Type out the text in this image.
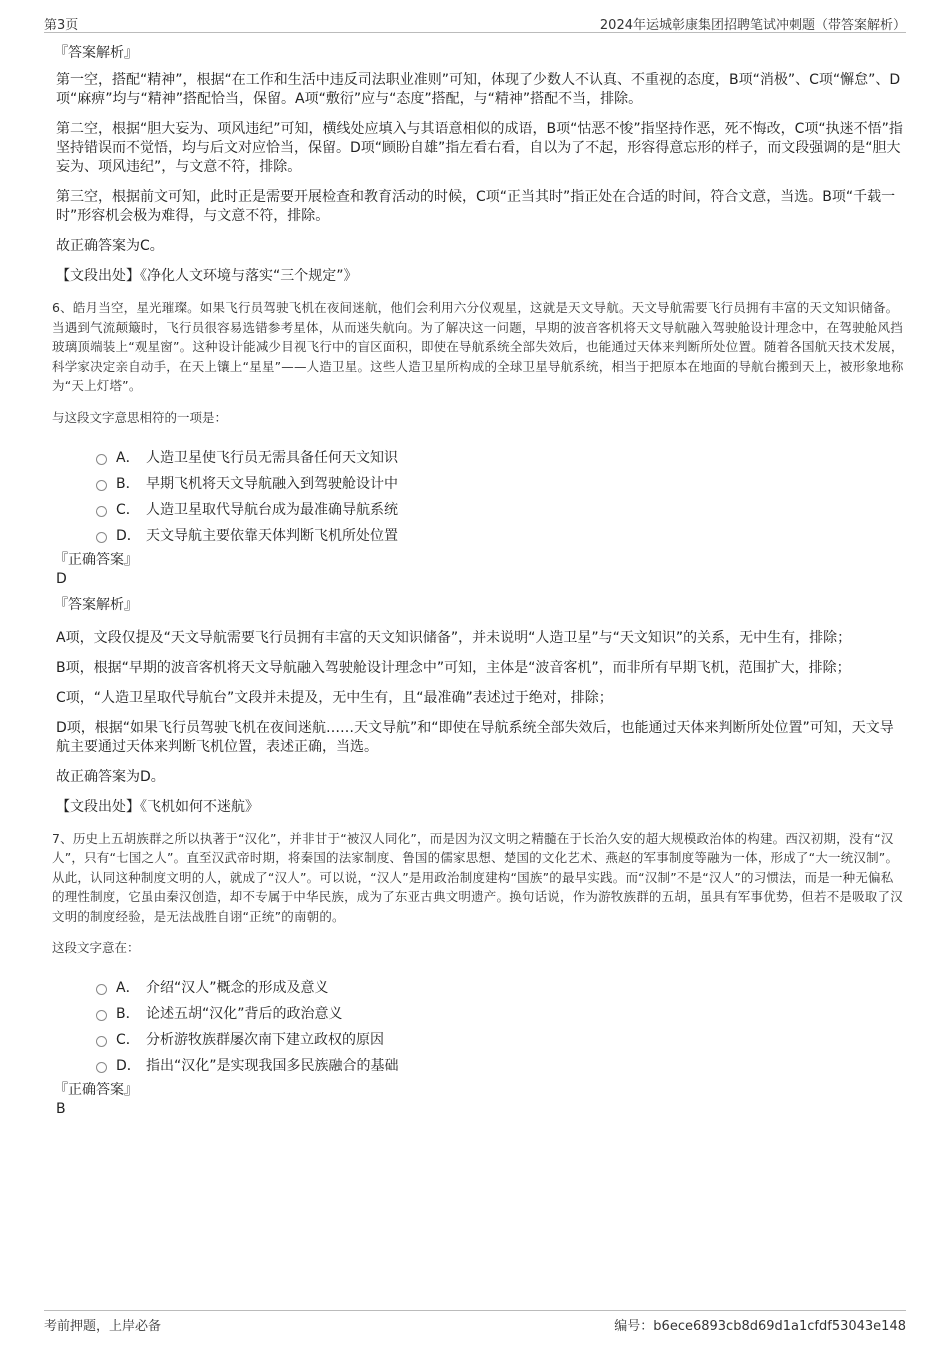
第3页	2024年运城彰康集团招聘笔试冲刺题（带答案解析）
『答案解析』

第一空，搭配“精神”，根据“在工作和生活中违反司法职业准则”可知，体现了少数人不认真、不重视的态度，B项“消极”、C项“懈怠”、D项“麻痹”均与“精神”搭配恰当，保留。A项“敷衍”应与“态度”搭配，与“精神”搭配不当，排除。

第二空，根据“胆大妄为、项风违纪”可知，横线处应填入与其语意相似的成语，B项“怙恶不悛”指坚持作恶，死不悔改，C项“执迷不悟”指坚持错误而不觉悟，均与后文对应恰当，保留。D项“顾盼自雄”指左看右看，自以为了不起，形容得意忘形的样子，而文段强调的是“胆大妄为、项风违纪”，与文意不符，排除。

第三空，根据前文可知，此时正是需要开展检查和教育活动的时候，C项“正当其时”指正处在合适的时间，符合文意，当选。B项“千载一时”形容机会极为难得，与文意不符，排除。

故正确答案为C。

【文段出处】《净化人文环境与落实“三个规定”》

6、皓月当空，星光璀璨。如果飞行员驾驶飞机在夜间迷航，他们会利用六分仪观星，这就是天文导航。天文导航需要飞行员拥有丰富的天文知识储备。当遇到气流颠簸时，飞行员很容易选错参考星体，从而迷失航向。为了解决这一问题，早期的波音客机将天文导航融入驾驶舱设计理念中，在驾驶舱风挡玻璃顶端装上“观星窗”。这种设计能减少目视飞行中的盲区面积，即使在导航系统全部失效后，也能通过天体来判断所处位置。随着各国航天技术发展，科学家决定亲自动手，在天上镶上“星星”——人造卫星。这些人造卫星所构成的全球卫星导航系统，相当于把原本在地面的导航台搬到天上，被形象地称为“天上灯塔”。

与这段文字意思相符的一项是：

A． 人造卫星使飞行员无需具备任何天文知识
B． 早期飞机将天文导航融入到驾驶舱设计中
C． 人造卫星取代导航台成为最准确导航系统
D． 天文导航主要依靠天体判断飞机所处位置
『正确答案』
D
『答案解析』

A项，文段仅提及“天文导航需要飞行员拥有丰富的天文知识储备”，并未说明“人造卫星”与“天文知识”的关系，无中生有，排除；

B项，根据“早期的波音客机将天文导航融入驾驶舱设计理念中”可知，主体是“波音客机”，而非所有早期飞机，范围扩大，排除；

C项，“人造卫星取代导航台”文段并未提及，无中生有，且“最准确”表述过于绝对，排除；

D项，根据“如果飞行员驾驶飞机在夜间迷航……天文导航”和“即使在导航系统全部失效后，也能通过天体来判断所处位置”可知，天文导航主要通过天体来判断飞机位置，表述正确，当选。

故正确答案为D。

【文段出处】《飞机如何不迷航》

7、历史上五胡族群之所以执著于“汉化”，并非甘于“被汉人同化”，而是因为汉文明之精髓在于长治久安的超大规模政治体的构建。西汉初期，没有“汉人”，只有“七国之人”。直至汉武帝时期，将秦国的法家制度、鲁国的儒家思想、楚国的文化艺术、燕赵的军事制度等融为一体，形成了“大一统汉制”。从此，认同这种制度文明的人，就成了“汉人”。可以说，“汉人”是用政治制度建构“国族”的最早实践。而“汉制”不是“汉人”的习惯法，而是一种无偏私的理性制度，它虽由秦汉创造，却不专属于中华民族，成为了东亚古典文明遗产。换句话说，作为游牧族群的五胡，虽具有军事优势，但若不是吸取了汉文明的制度经验，是无法战胜自诩“正统”的南朝的。

这段文字意在：

A． 介绍“汉人”概念的形成及意义
B． 论述五胡“汉化”背后的政治意义
C． 分析游牧族群屡次南下建立政权的原因
D． 指出“汉化”是实现我国多民族融合的基础
『正确答案』
B
考前押题，上岸必备	编号：b6ece6893cb8d69d1a1cfdf53043e148
